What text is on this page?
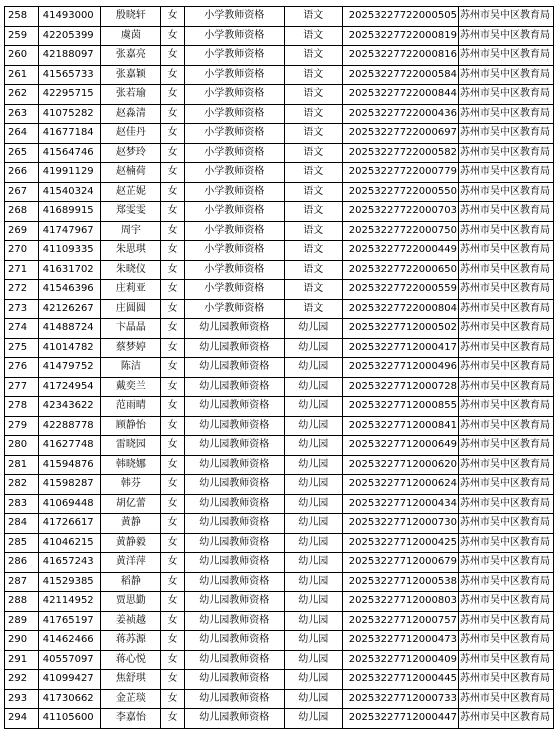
258	41493000	殷晓轩	女	小学教师资格	语文	20253227722000505	苏州市吴中区教育局
259	42205399	虞茵	女	小学教师资格	语文	20253227722000819	苏州市吴中区教育局
260	42188097	张嘉亮	女	小学教师资格	语文	20253227722000816	苏州市吴中区教育局
261	41565733	张嘉颖	女	小学教师资格	语文	20253227722000584	苏州市吴中区教育局
262	42295715	张若瑜	女	小学教师资格	语文	20253227722000844	苏州市吴中区教育局
263	41075282	赵淼清	女	小学教师资格	语文	20253227722000436	苏州市吴中区教育局
264	41677184	赵佳丹	女	小学教师资格	语文	20253227722000697	苏州市吴中区教育局
265	41564746	赵梦玲	女	小学教师资格	语文	20253227722000582	苏州市吴中区教育局
266	41991129	赵楠荷	女	小学教师资格	语文	20253227722000779	苏州市吴中区教育局
267	41540324	赵芷妮	女	小学教师资格	语文	20253227722000550	苏州市吴中区教育局
268	41689915	郑雯雯	女	小学教师资格	语文	20253227722000703	苏州市吴中区教育局
269	41747967	周宇	女	小学教师资格	语文	20253227722000750	苏州市吴中区教育局
270	41109335	朱思琪	女	小学教师资格	语文	20253227722000449	苏州市吴中区教育局
271	41631702	朱晓仪	女	小学教师资格	语文	20253227722000650	苏州市吴中区教育局
272	41546396	庄莉亚	女	小学教师资格	语文	20253227722000559	苏州市吴中区教育局
273	42126267	庄圆圆	女	小学教师资格	语文	20253227722000804	苏州市吴中区教育局
274	41488724	卞晶晶	女	幼儿园教师资格	幼儿园	20253227712000502	苏州市吴中区教育局
275	41014782	蔡梦婷	女	幼儿园教师资格	幼儿园	20253227712000417	苏州市吴中区教育局
276	41479752	陈洁	女	幼儿园教师资格	幼儿园	20253227712000496	苏州市吴中区教育局
277	41724954	戴奕兰	女	幼儿园教师资格	幼儿园	20253227712000728	苏州市吴中区教育局
278	42343622	范雨晴	女	幼儿园教师资格	幼儿园	20253227712000855	苏州市吴中区教育局
279	42288778	顾静怡	女	幼儿园教师资格	幼儿园	20253227712000841	苏州市吴中区教育局
280	41627748	雷晓园	女	幼儿园教师资格	幼儿园	20253227712000649	苏州市吴中区教育局
281	41594876	韩晓娜	女	幼儿园教师资格	幼儿园	20253227712000620	苏州市吴中区教育局
282	41598287	韩芬	女	幼儿园教师资格	幼儿园	20253227712000624	苏州市吴中区教育局
283	41069448	胡亿蕾	女	幼儿园教师资格	幼儿园	20253227712000434	苏州市吴中区教育局
284	41726617	黄静	女	幼儿园教师资格	幼儿园	20253227712000730	苏州市吴中区教育局
285	41046215	黄静毅	女	幼儿园教师资格	幼儿园	20253227712000425	苏州市吴中区教育局
286	41657243	黄洋萍	女	幼儿园教师资格	幼儿园	20253227712000679	苏州市吴中区教育局
287	41529385	稻静	女	幼儿园教师资格	幼儿园	20253227712000538	苏州市吴中区教育局
288	42114952	贾思勤	女	幼儿园教师资格	幼儿园	20253227712000803	苏州市吴中区教育局
289	41765197	姜祯越	女	幼儿园教师资格	幼儿园	20253227712000757	苏州市吴中区教育局
290	41462466	蒋苏源	女	幼儿园教师资格	幼儿园	20253227712000473	苏州市吴中区教育局
291	40557097	蒋心悦	女	幼儿园教师资格	幼儿园	20253227712000409	苏州市吴中区教育局
292	41099427	焦舒琪	女	幼儿园教师资格	幼儿园	20253227712000445	苏州市吴中区教育局
293	41730662	金芷琰	女	幼儿园教师资格	幼儿园	20253227712000733	苏州市吴中区教育局
294	41105600	李嘉怡	女	幼儿园教师资格	幼儿园	20253227712000447	苏州市吴中区教育局
